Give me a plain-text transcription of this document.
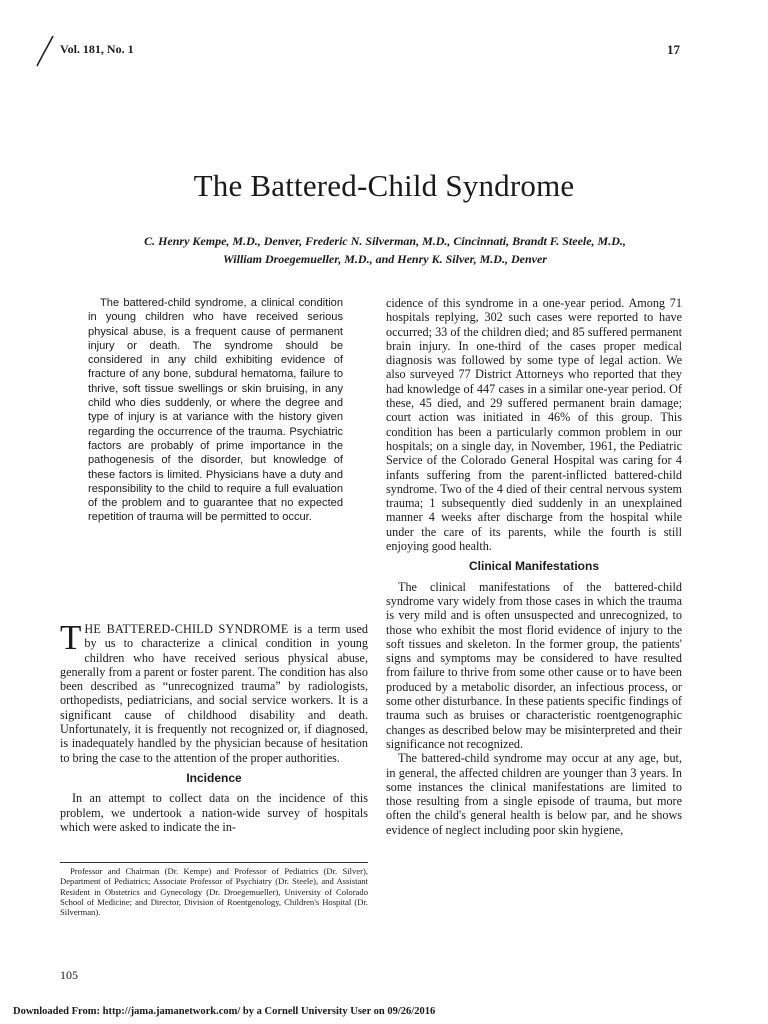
Vol. 181, No. 1	17
The Battered-Child Syndrome
C. Henry Kempe, M.D., Denver, Frederic N. Silverman, M.D., Cincinnati, Brandt F. Steele, M.D.,
William Droegemueller, M.D., and Henry K. Silver, M.D., Denver

The battered-child syndrome, a clinical condition in young children who have received serious physical abuse, is a frequent cause of permanent injury or death. The syndrome should be considered in any child exhibiting evidence of fracture of any bone, subdural hematoma, failure to thrive, soft tissue swellings or skin bruising, in any child who dies suddenly, or where the degree and type of injury is at variance with the history given regarding the occurrence of the trauma. Psychiatric factors are probably of prime importance in the pathogenesis of the disorder, but knowledge of these factors is limited. Physicians have a duty and responsibility to the child to require a full evaluation of the problem and to guarantee that no expected repetition of trauma will be permitted to occur.

THE BATTERED-CHILD SYNDROME is a term used by us to characterize a clinical condition in young children who have received serious physical abuse, generally from a parent or foster parent. The condition has also been described as “unrecognized trauma” by radiologists, orthopedists, pediatricians, and social service workers. It is a significant cause of childhood disability and death. Unfortunately, it is frequently not recognized or, if diagnosed, is inadequately handled by the physician because of hesitation to bring the case to the attention of the proper authorities.

Incidence

In an attempt to collect data on the incidence of this problem, we undertook a nation-wide survey of hospitals which were asked to indicate the in-

Professor and Chairman (Dr. Kempe) and Professor of Pediatrics (Dr. Silver), Department of Pediatrics; Associate Professor of Psychiatry (Dr. Steele), and Assistant Resident in Obstetrics and Gynecology (Dr. Droegemueller), University of Colorado School of Medicine; and Director, Division of Roentgenology, Children's Hospital (Dr. Silverman).

cidence of this syndrome in a one-year period. Among 71 hospitals replying, 302 such cases were reported to have occurred; 33 of the children died; and 85 suffered permanent brain injury. In one-third of the cases proper medical diagnosis was followed by some type of legal action. We also surveyed 77 District Attorneys who reported that they had knowledge of 447 cases in a similar one-year period. Of these, 45 died, and 29 suffered permanent brain damage; court action was initiated in 46% of this group. This condition has been a particularly common problem in our hospitals; on a single day, in November, 1961, the Pediatric Service of the Colorado General Hospital was caring for 4 infants suffering from the parent-inflicted battered-child syndrome. Two of the 4 died of their central nervous system trauma; 1 subsequently died suddenly in an unexplained manner 4 weeks after discharge from the hospital while under the care of its parents, while the fourth is still enjoying good health.

Clinical Manifestations

The clinical manifestations of the battered-child syndrome vary widely from those cases in which the trauma is very mild and is often unsuspected and unrecognized, to those who exhibit the most florid evidence of injury to the soft tissues and skeleton. In the former group, the patients' signs and symptoms may be considered to have resulted from failure to thrive from some other cause or to have been produced by a metabolic disorder, an infectious process, or some other disturbance. In these patients specific findings of trauma such as bruises or characteristic roentgenographic changes as described below may be misinterpreted and their significance not recognized.

The battered-child syndrome may occur at any age, but, in general, the affected children are younger than 3 years. In some instances the clinical manifestations are limited to those resulting from a single episode of trauma, but more often the child's general health is below par, and he shows evidence of neglect including poor skin hygiene,

105
Downloaded From: http://jama.jamanetwork.com/ by a Cornell University User on 09/26/2016
